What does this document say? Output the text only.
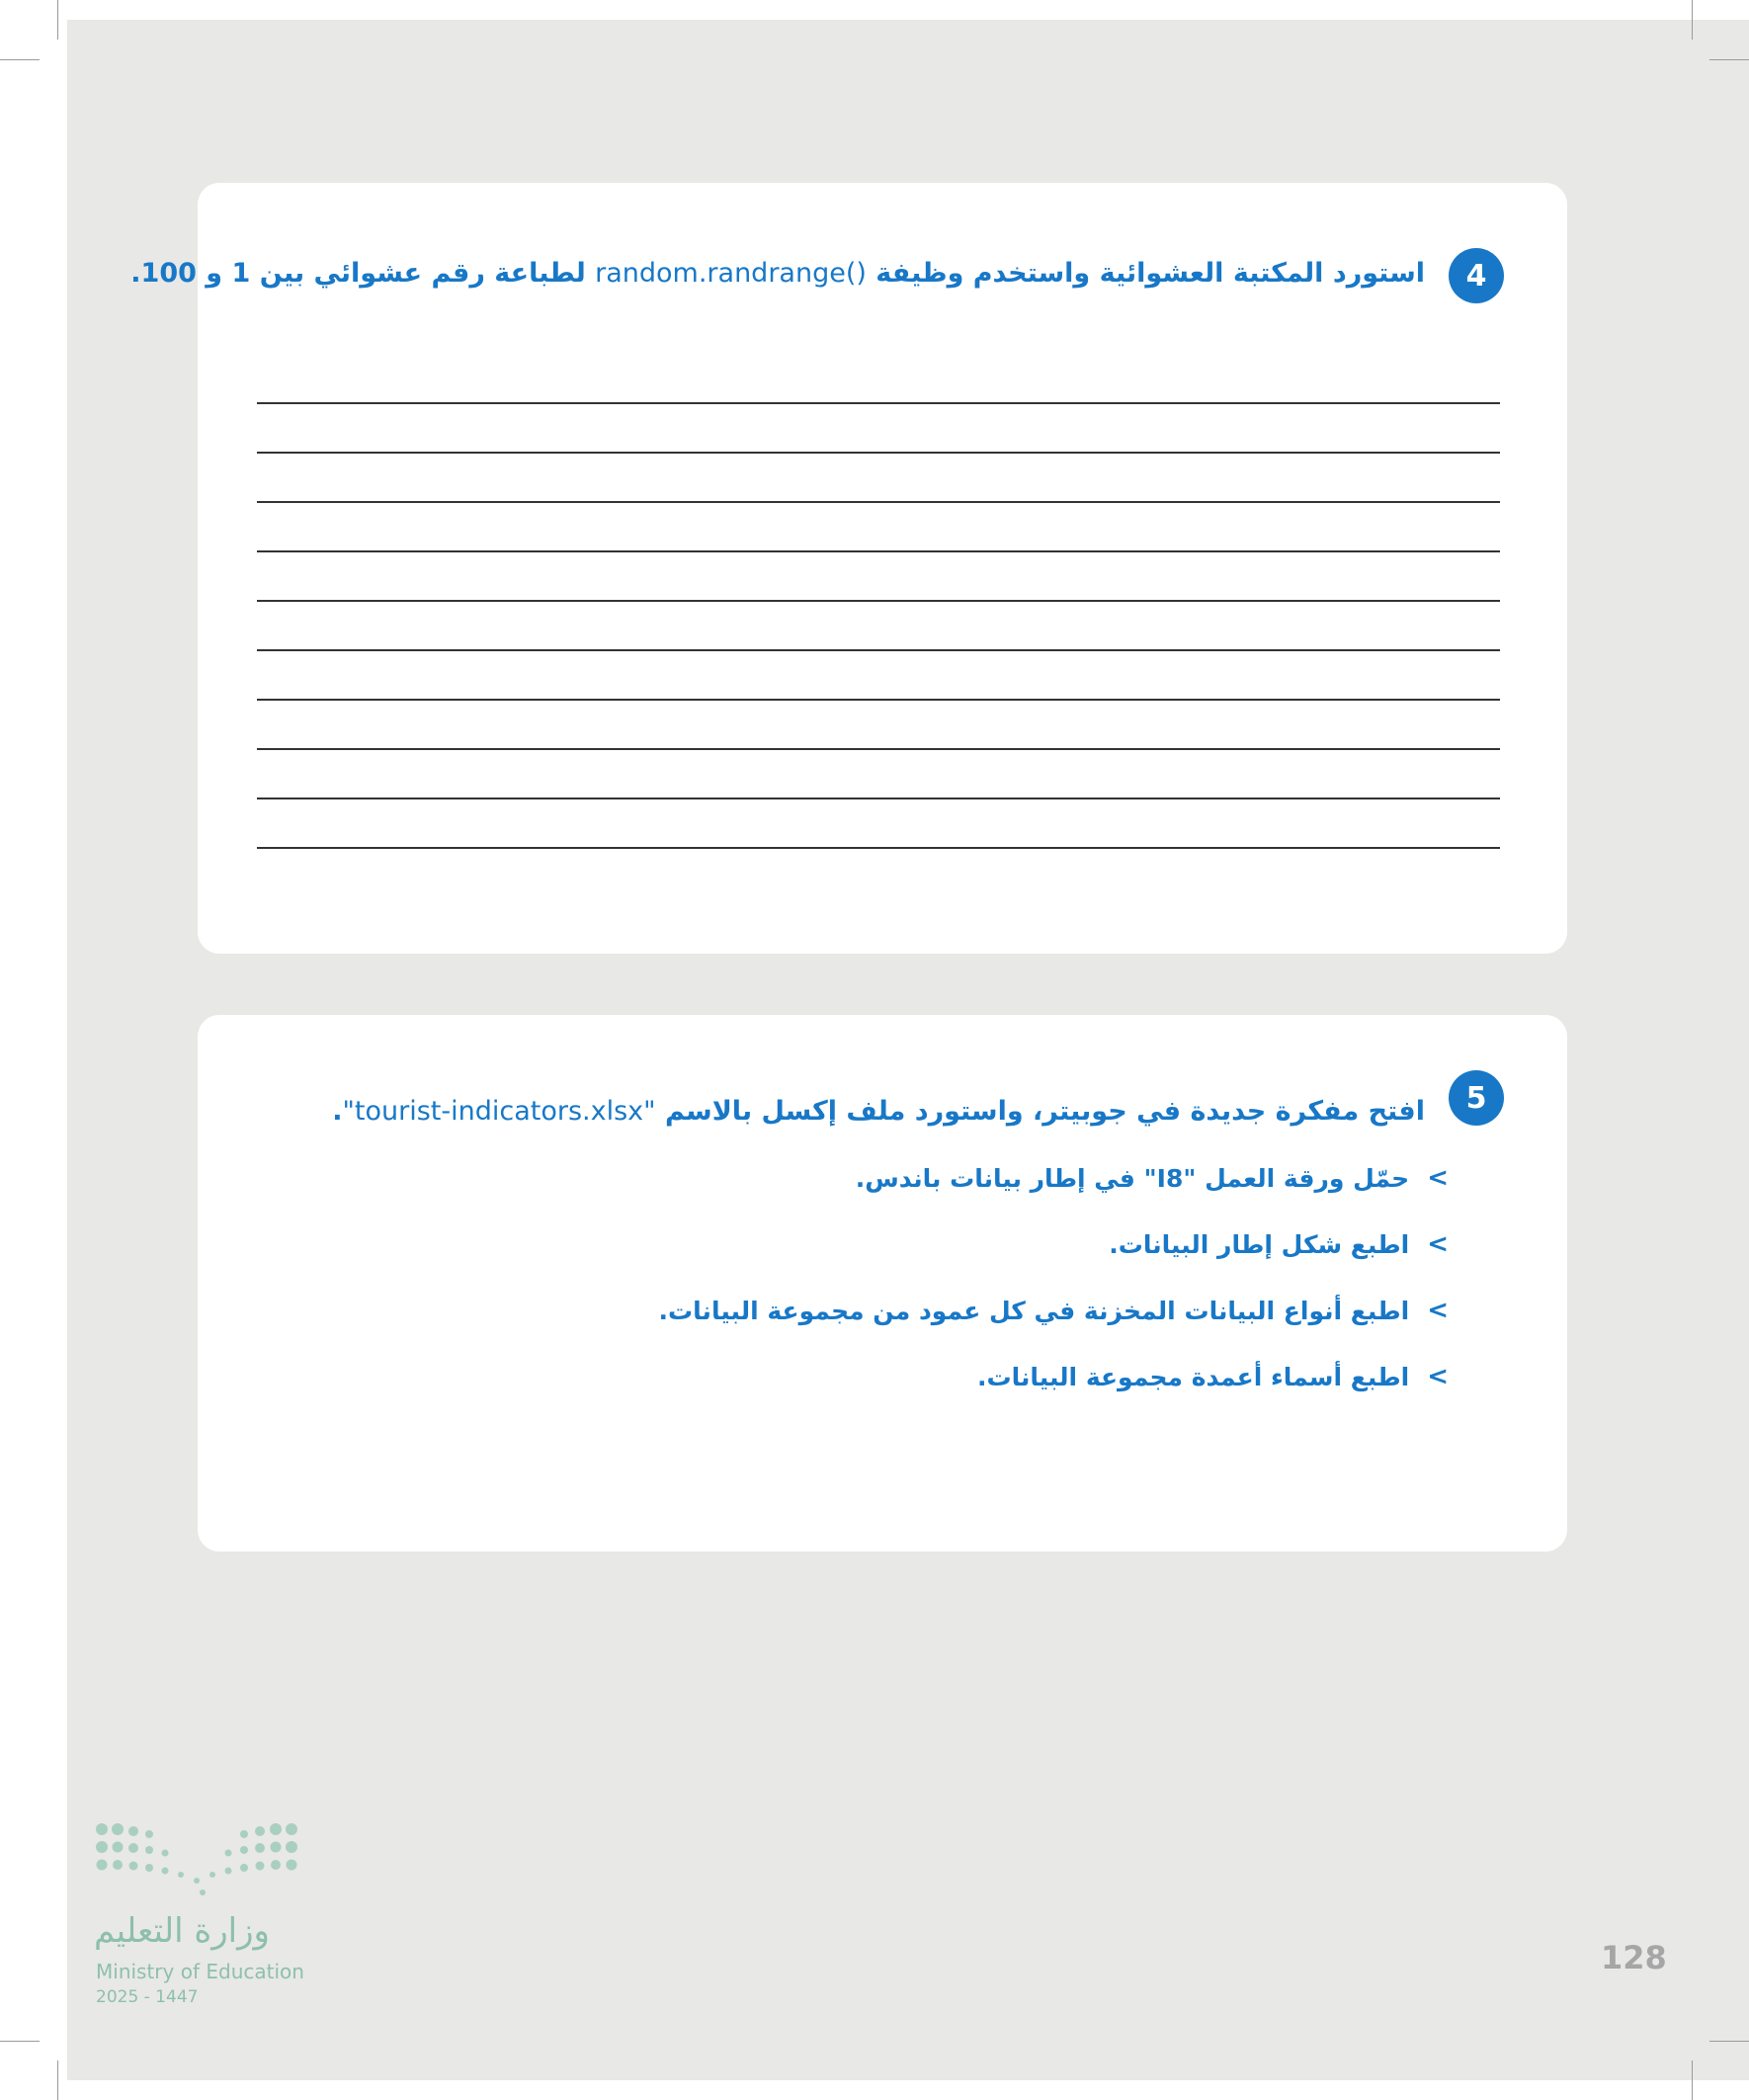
4
استورد المكتبة العشوائية واستخدم وظيفة random.randrange() لطباعة رقم عشوائي بين 1 و 100.
5
افتح مفكرة جديدة في جوبيتر، واستورد ملف إكسل بالاسم "tourist-indicators.xlsx".
>
حمّل ورقة العمل "I8" في إطار بيانات باندس.
>
اطبع شكل إطار البيانات.
>
اطبع أنواع البيانات المخزنة في كل عمود من مجموعة البيانات.
>
اطبع أسماء أعمدة مجموعة البيانات.
وزارة التعليم
Ministry of Education
2025 - 1447
128
